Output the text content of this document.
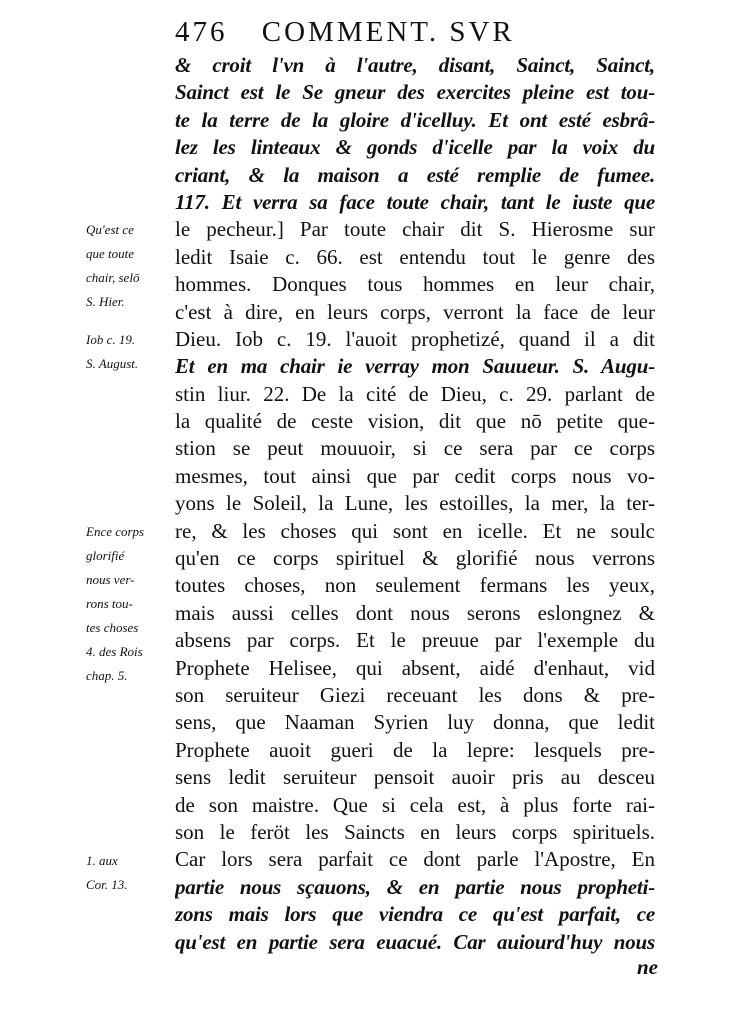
476 COMMENT. SVR
& croit l'vn à l'autre, disant, Sainct, Sainct,
Sainct est le Se gneur des exercites pleine est tou-
te la terre de la gloire d'icelluy. Et ont esté esbrâ-
lez les linteaux & gonds d'icelle par la voix du
criant, & la maison a esté remplie de fumee.
117. Et verra sa face toute chair, tant le iuste que
le pecheur.] Par toute chair dit S. Hierosme sur
ledit Isaie c. 66. est entendu tout le genre des
hommes. Donques tous hommes en leur chair,
c'est à dire, en leurs corps, verront la face de leur
Dieu. Iob c. 19. l'auoit prophetizé, quand il a dit
Et en ma chair ie verray mon Sauueur. S. Augu-
stin liur. 22. De la cité de Dieu, c. 29. parlant de
la qualité de ceste vision, dit que nō petite que-
stion se peut mouuoir, si ce sera par ce corps
mesmes, tout ainsi que par cedit corps nous vo-
yons le Soleil, la Lune, les estoilles, la mer, la ter-
re, & les choses qui sont en icelle. Et ne soulc
qu'en ce corps spirituel & glorifié nous verrons
toutes choses, non seulement fermans les yeux,
mais aussi celles dont nous serons eslongnez &
absens par corps. Et le preuue par l'exemple du
Prophete Helisee, qui absent, aidé d'enhaut, vid
son seruiteur Giezi receuant les dons & pre-
sens, que Naaman Syrien luy donna, que ledit
Prophete auoit gueri de la lepre: lesquels pre-
sens ledit seruiteur pensoit auoir pris au desceu
de son maistre. Que si cela est, à plus forte rai-
son le feröt les Saincts en leurs corps spirituels.
Car lors sera parfait ce dont parle l'Apostre, En
partie nous sçauons, & en partie nous propheti-
zons mais lors que viendra ce qu'est parfait, ce
qu'est en partie sera euacué. Car auiourd'huy nous
Qu'est ce
que toute
chair, selō
S. Hier.
Iob c. 19.
S. August.
Ence corps
glorifié
nous ver-
rons tou-
tes choses
4. des Rois
chap. 5.
1. aux
Cor. 13.
ne
